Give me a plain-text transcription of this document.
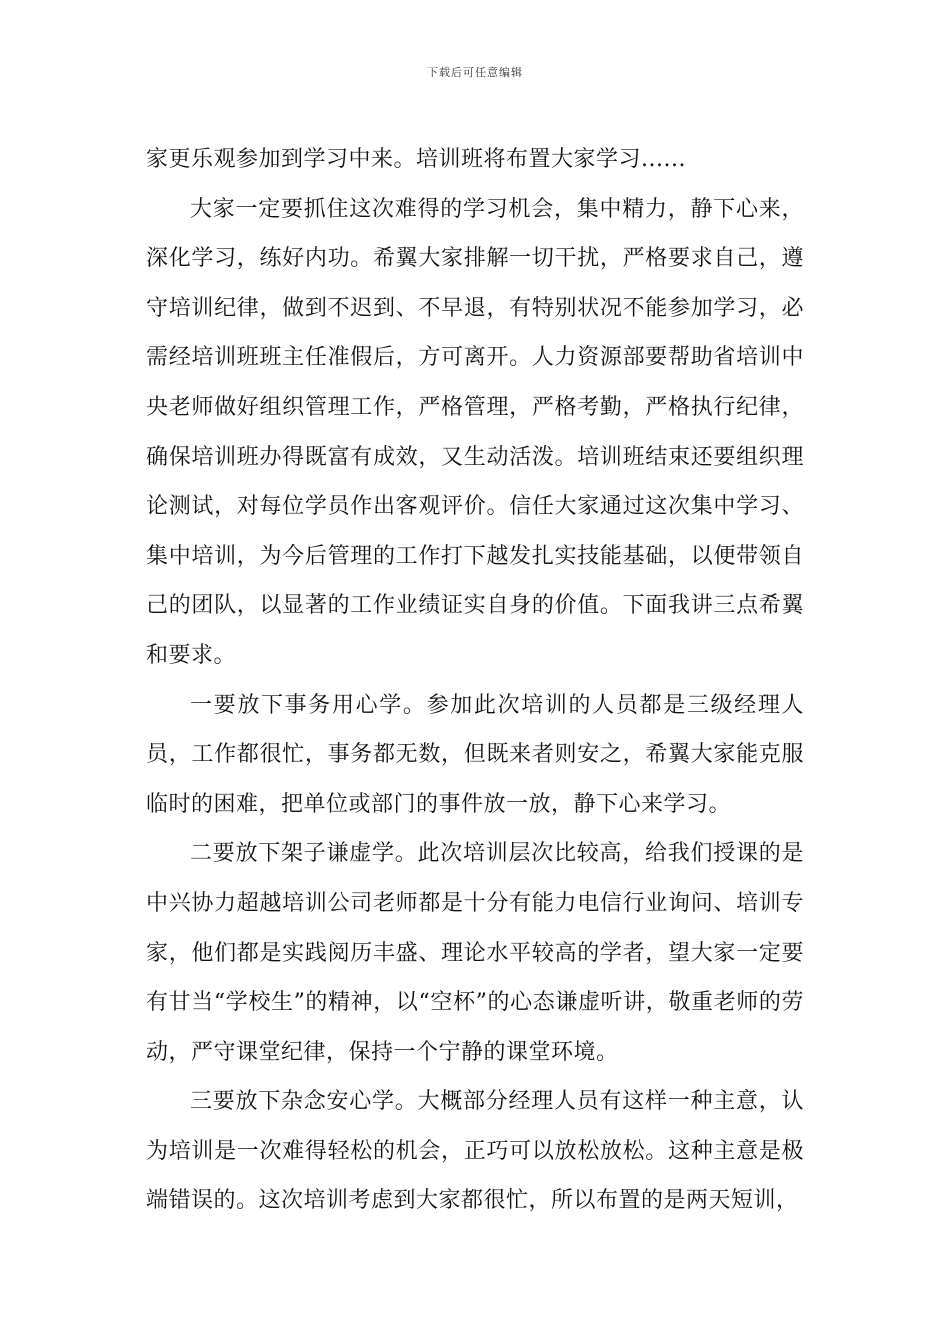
下载后可任意编辑

家更乐观参加到学习中来。培训班将布置大家学习......

大家一定要抓住这次难得的学习机会，集中精力，静下心来，深化学习，练好内功。希翼大家排解一切干扰，严格要求自己，遵守培训纪律，做到不迟到、不早退，有特别状况不能参加学习，必需经培训班班主任准假后，方可离开。人力资源部要帮助省培训中央老师做好组织管理工作，严格管理，严格考勤，严格执行纪律，确保培训班办得既富有成效，又生动活泼。培训班结束还要组织理论测试，对每位学员作出客观评价。信任大家通过这次集中学习、集中培训，为今后管理的工作打下越发扎实技能基础，以便带领自己的团队，以显著的工作业绩证实自身的价值。下面我讲三点希翼和要求。

一要放下事务用心学。参加此次培训的人员都是三级经理人员，工作都很忙，事务都无数，但既来者则安之，希翼大家能克服临时的困难，把单位或部门的事件放一放，静下心来学习。

二要放下架子谦虚学。此次培训层次比较高，给我们授课的是中兴协力超越培训公司老师都是十分有能力电信行业询问、培训专家，他们都是实践阅历丰盛、理论水平较高的学者，望大家一定要有甘当“学校生”的精神，以“空杯”的心态谦虚听讲，敬重老师的劳动，严守课堂纪律，保持一个宁静的课堂环境。

三要放下杂念安心学。大概部分经理人员有这样一种主意，认为培训是一次难得轻松的机会，正巧可以放松放松。这种主意是极端错误的。这次培训考虑到大家都很忙，所以布置的是两天短训，
